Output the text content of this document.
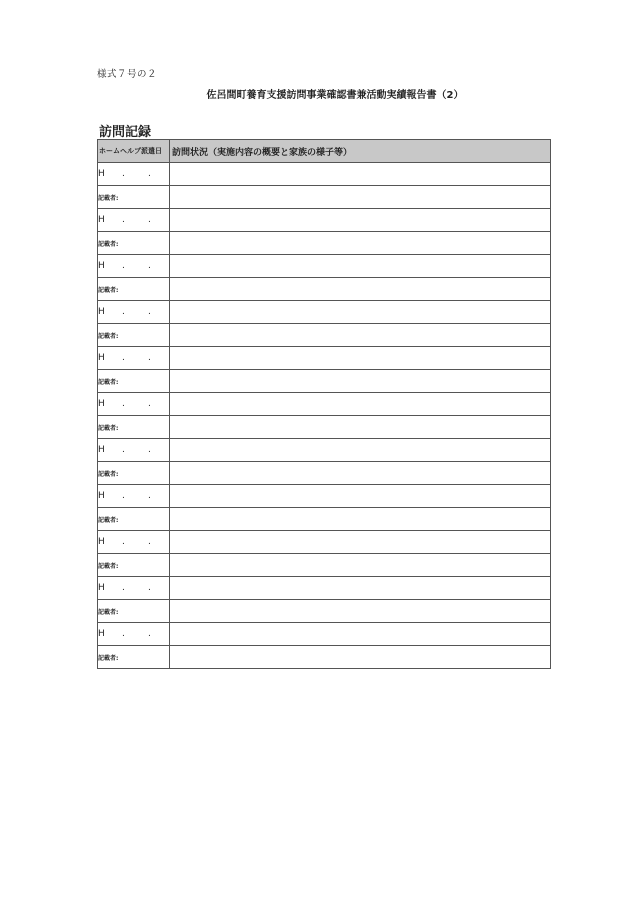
様式７号の２
佐呂間町養育支援訪問事業確認書兼活動実績報告書（2）
訪問記録
ホームヘルプ派遣日	訪問状況（実施内容の概要と家族の様子等）
H . .	
記載者:	
H . .	
記載者:	
H . .	
記載者:	
H . .	
記載者:	
H . .	
記載者:	
H . .	
記載者:	
H . .	
記載者:	
H . .	
記載者:	
H . .	
記載者:	
H . .	
記載者:	
H . .	
記載者:	
